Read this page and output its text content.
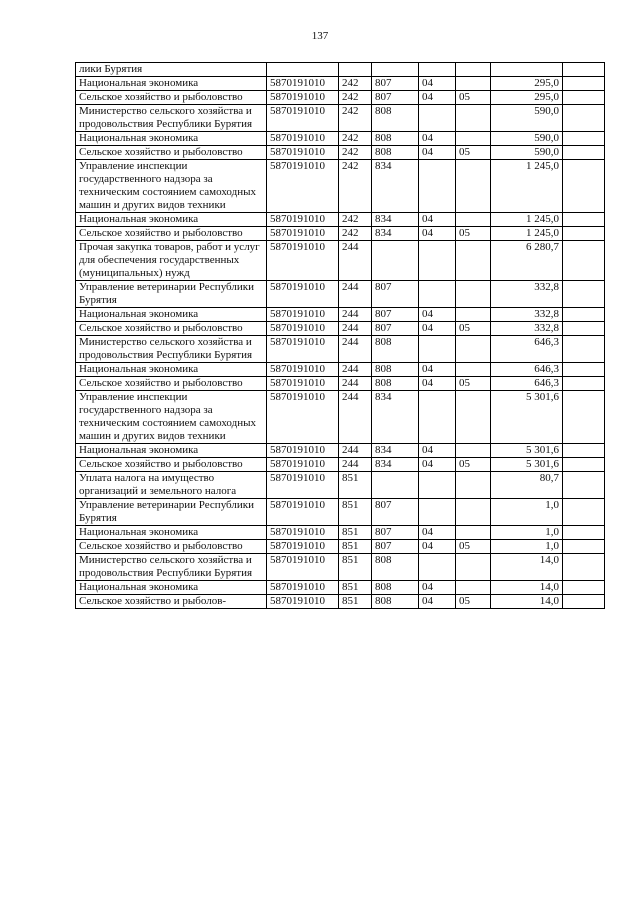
137
лики Бурятия							
Национальная экономика	5870191010	242	807	04		295,0	
Сельское хозяйство и рыболовство	5870191010	242	807	04	05	295,0	
Министерство сельского хозяйства и продовольствия Республики Бурятия	5870191010	242	808			590,0	
Национальная экономика	5870191010	242	808	04		590,0	
Сельское хозяйство и рыболовство	5870191010	242	808	04	05	590,0	
Управление инспекции государственного надзора за техническим состоянием самоходных машин и других видов техники	5870191010	242	834			1 245,0	
Национальная экономика	5870191010	242	834	04		1 245,0	
Сельское хозяйство и рыболовство	5870191010	242	834	04	05	1 245,0	
Прочая закупка товаров, работ и услуг для обеспечения государственных (муниципальных) нужд	5870191010	244				6 280,7	
Управление ветеринарии Республики Бурятия	5870191010	244	807			332,8	
Национальная экономика	5870191010	244	807	04		332,8	
Сельское хозяйство и рыболовство	5870191010	244	807	04	05	332,8	
Министерство сельского хозяйства и продовольствия Республики Бурятия	5870191010	244	808			646,3	
Национальная экономика	5870191010	244	808	04		646,3	
Сельское хозяйство и рыболовство	5870191010	244	808	04	05	646,3	
Управление инспекции государственного надзора за техническим состоянием самоходных машин и других видов техники	5870191010	244	834			5 301,6	
Национальная экономика	5870191010	244	834	04		5 301,6	
Сельское хозяйство и рыболовство	5870191010	244	834	04	05	5 301,6	
Уплата налога на имущество организаций и земельного налога	5870191010	851				80,7	
Управление ветеринарии Республики Бурятия	5870191010	851	807			1,0	
Национальная экономика	5870191010	851	807	04		1,0	
Сельское хозяйство и рыболовство	5870191010	851	807	04	05	1,0	
Министерство сельского хозяйства и продовольствия Республики Бурятия	5870191010	851	808			14,0	
Национальная экономика	5870191010	851	808	04		14,0	
Сельское хозяйство и рыболов-	5870191010	851	808	04	05	14,0	
